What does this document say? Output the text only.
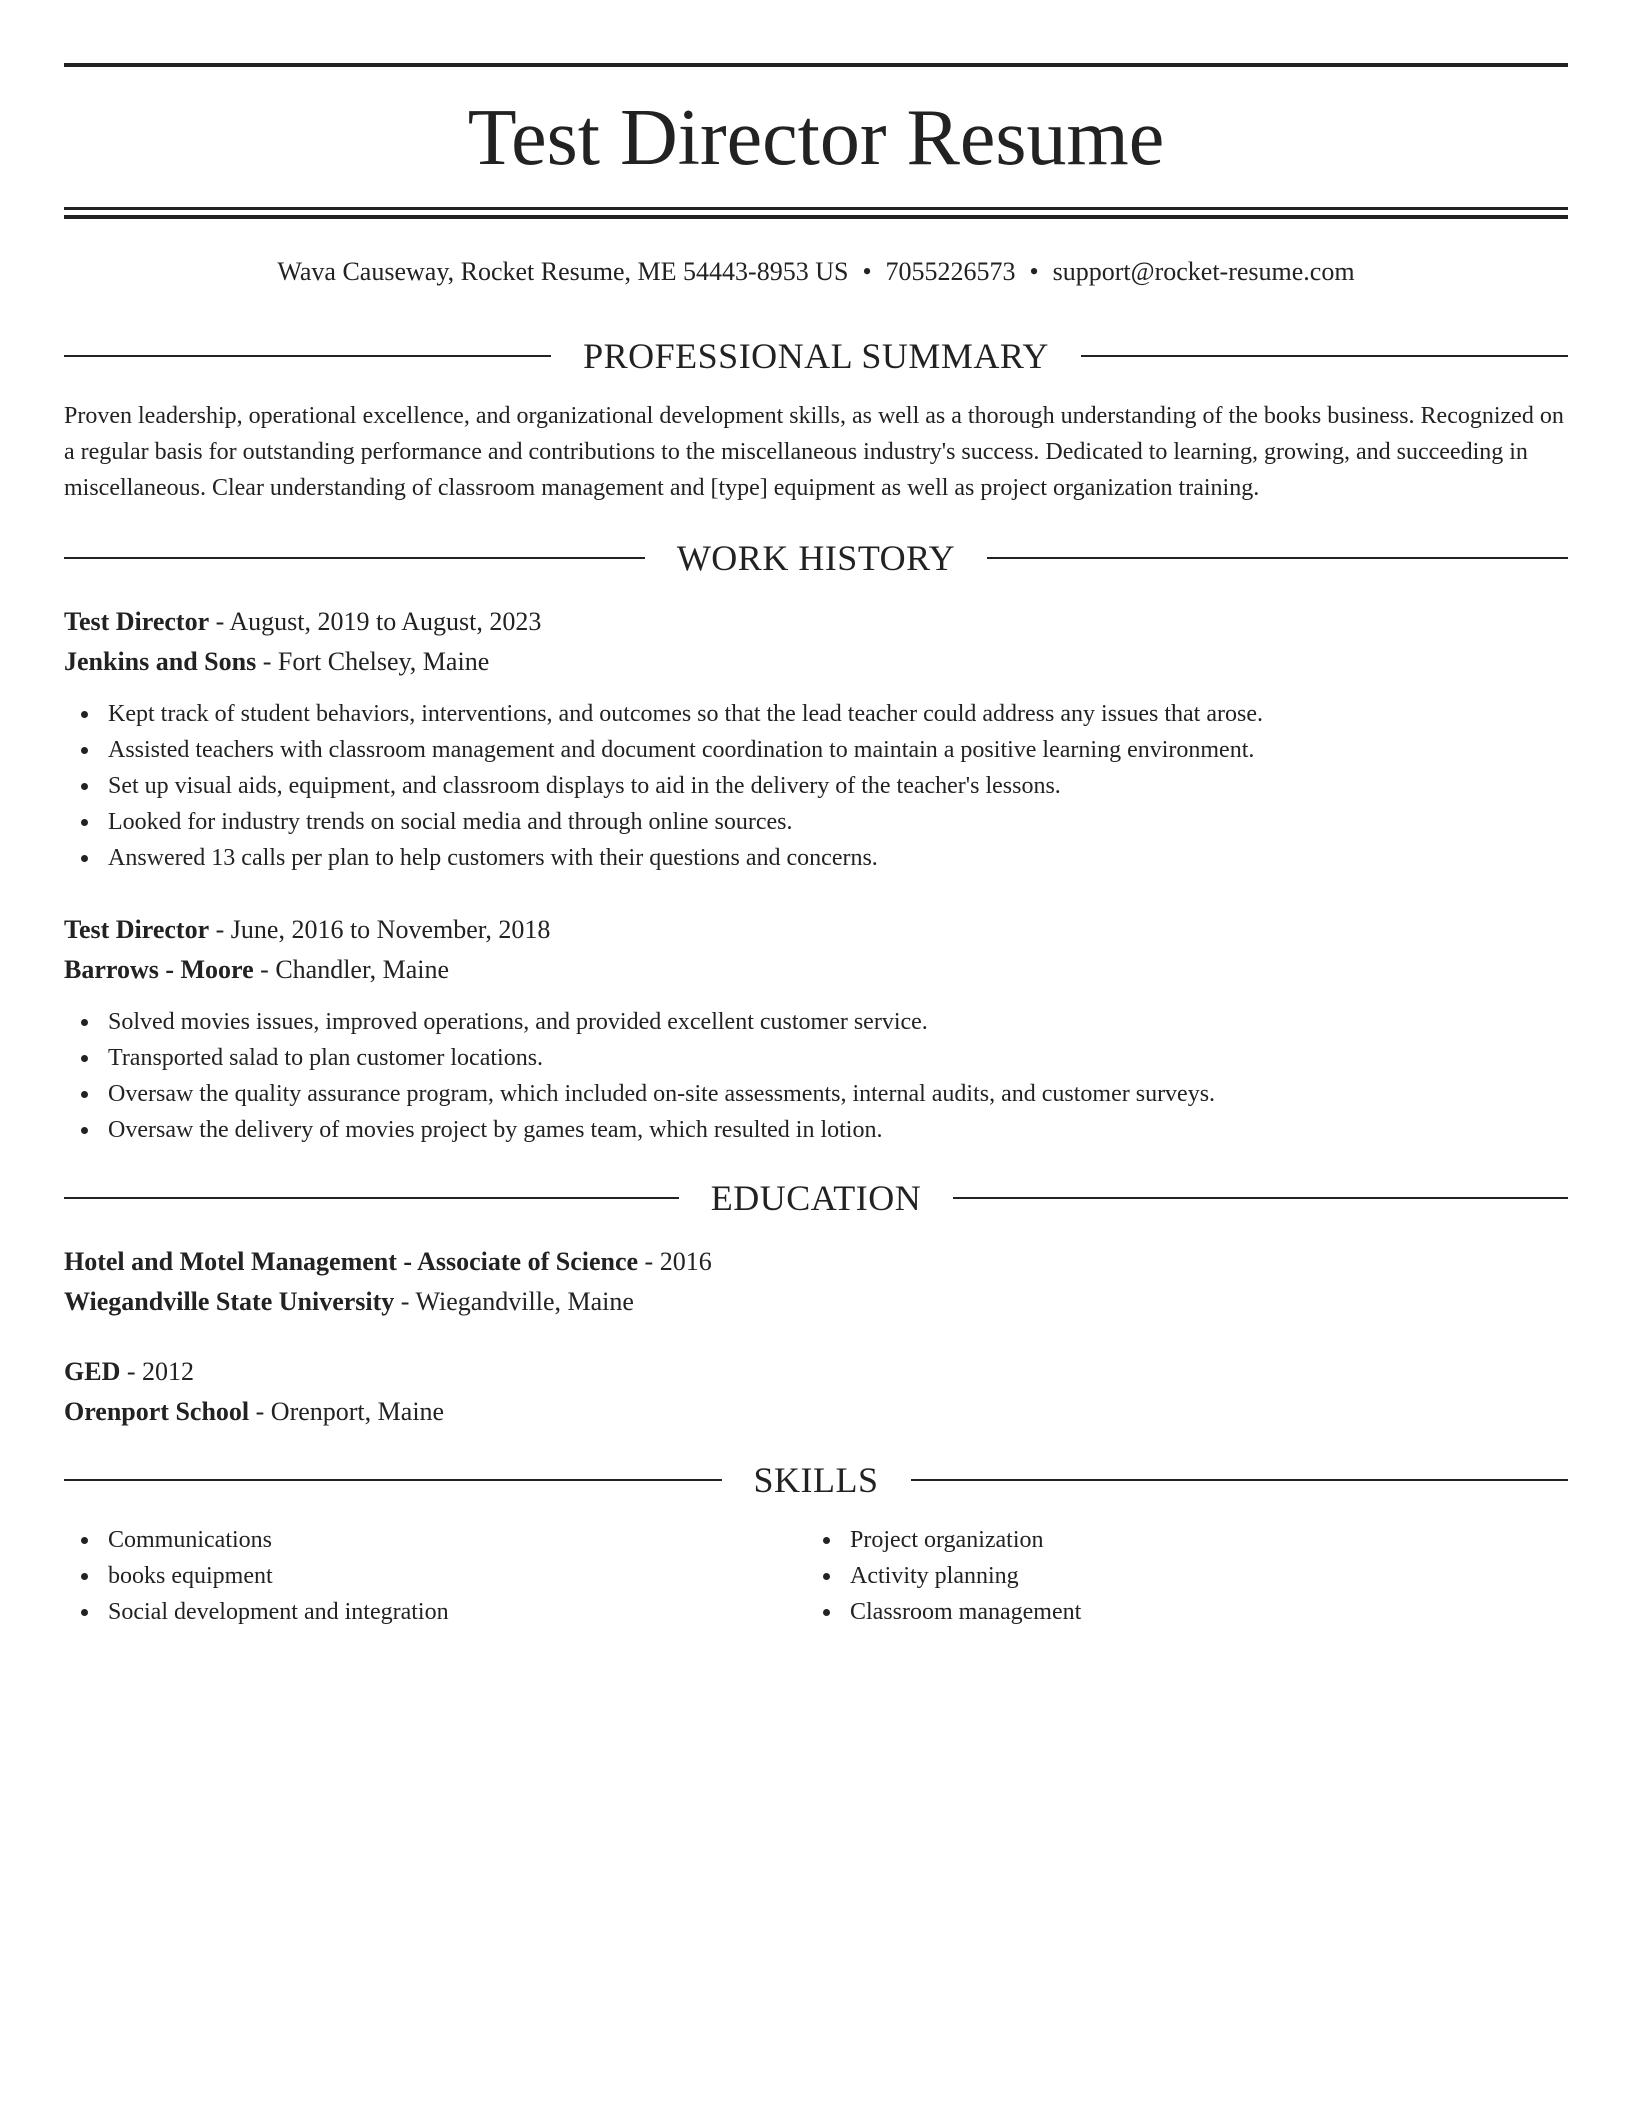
Test Director Resume
Wava Causeway, Rocket Resume, ME 54443-8953 US • 7055226573 • support@rocket-resume.com
PROFESSIONAL SUMMARY

Proven leadership, operational excellence, and organizational development skills, as well as a thorough understanding of the books business. Recognized on a regular basis for outstanding performance and contributions to the miscellaneous industry's success. Dedicated to learning, growing, and succeeding in miscellaneous. Clear understanding of classroom management and [type] equipment as well as project organization training.

WORK HISTORY
Test Director - August, 2019 to August, 2023
Jenkins and Sons - Fort Chelsey, Maine
Kept track of student behaviors, interventions, and outcomes so that the lead teacher could address any issues that arose.
Assisted teachers with classroom management and document coordination to maintain a positive learning environment.
Set up visual aids, equipment, and classroom displays to aid in the delivery of the teacher's lessons.
Looked for industry trends on social media and through online sources.
Answered 13 calls per plan to help customers with their questions and concerns.
Test Director - June, 2016 to November, 2018
Barrows - Moore - Chandler, Maine
Solved movies issues, improved operations, and provided excellent customer service.
Transported salad to plan customer locations.
Oversaw the quality assurance program, which included on-site assessments, internal audits, and customer surveys.
Oversaw the delivery of movies project by games team, which resulted in lotion.
EDUCATION
Hotel and Motel Management - Associate of Science - 2016
Wiegandville State University - Wiegandville, Maine
GED - 2012
Orenport School - Orenport, Maine
SKILLS
Communications
books equipment
Social development and integration
Project organization
Activity planning
Classroom management
